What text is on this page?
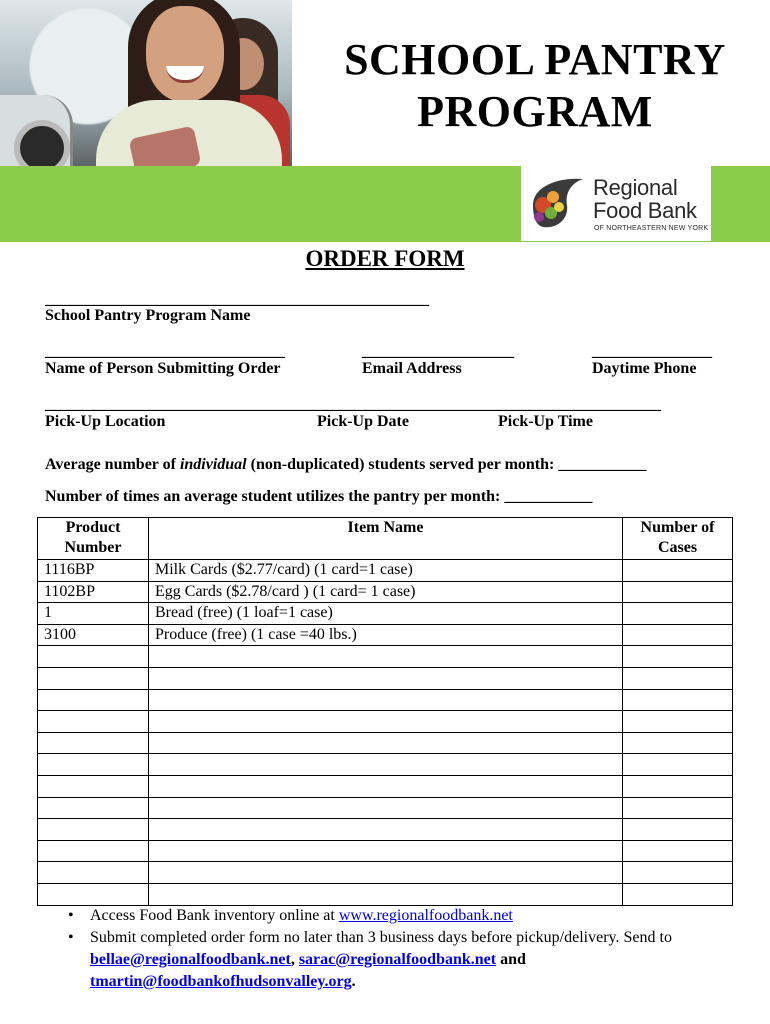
SCHOOL PANTRY
PROGRAM
Regional
Food Bank
OF NORTHEASTERN NEW YORK
ORDER FORM
________________________________________________
School Pantry Program Name
______________________________
Name of Person Submitting Order
___________________
Email Address
_______________
Daytime Phone
_____________________________________________________________________________
Pick-Up Location	Pick-Up Date	Pick-Up Time
Average number of individual (non-duplicated) students served per month: ___________
Number of times an average student utilizes the pantry per month: ___________
Product Number	Item Name	Number of Cases
1116BP	Milk Cards ($2.77/card) (1 card=1 case)	
1102BP	Egg Cards ($2.78/card ) (1 card= 1 case)	
1	Bread (free) (1 loaf=1 case)	
3100	Produce (free) (1 case =40 lbs.)	

• Access Food Bank inventory online at www.regionalfoodbank.net
• Submit completed order form no later than 3 business days before pickup/delivery. Send to bellae@regionalfoodbank.net, sarac@regionalfoodbank.net and tmartin@foodbankofhudsonvalley.org.
